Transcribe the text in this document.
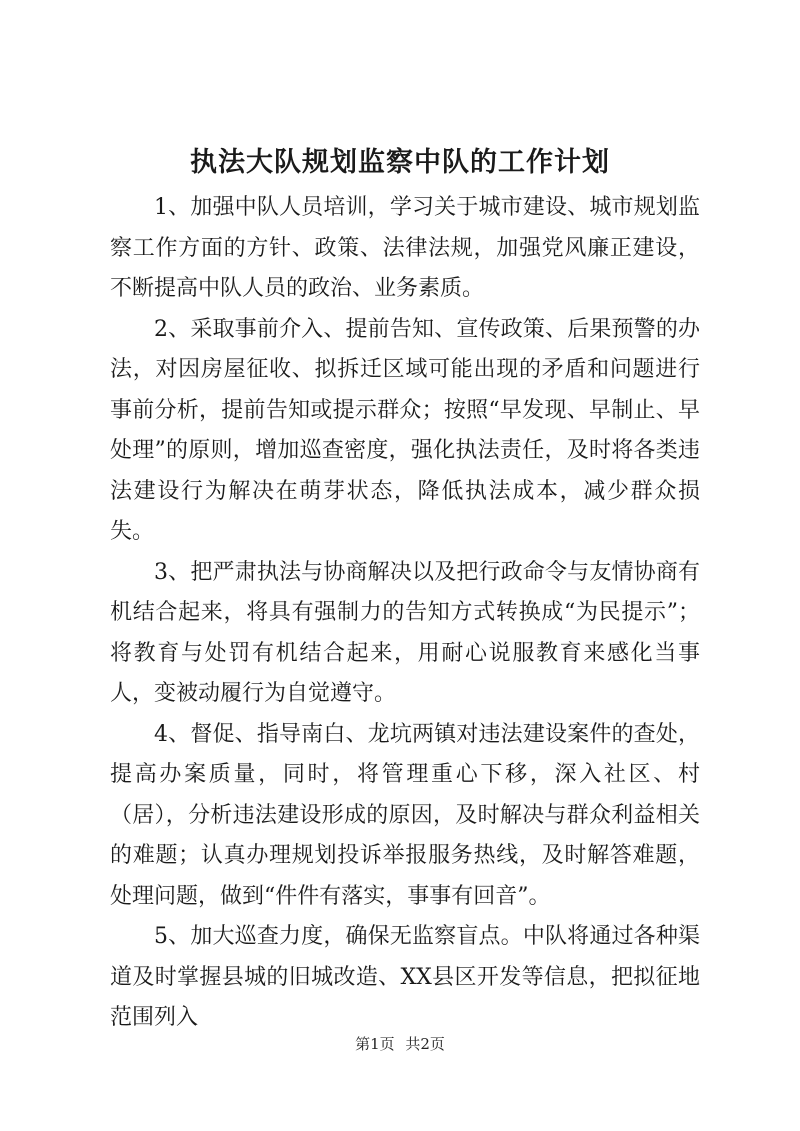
执法大队规划监察中队的工作计划

1、加强中队人员培训，学习关于城市建设、城市规划监察工作方面的方针、政策、法律法规，加强党风廉正建设，不断提高中队人员的政治、业务素质。

2、采取事前介入、提前告知、宣传政策、后果预警的办法，对因房屋征收、拟拆迁区域可能出现的矛盾和问题进行事前分析，提前告知或提示群众；按照“早发现、早制止、早处理”的原则，增加巡查密度，强化执法责任，及时将各类违法建设行为解决在萌芽状态，降低执法成本，减少群众损失。

3、把严肃执法与协商解决以及把行政命令与友情协商有机结合起来，将具有强制力的告知方式转换成“为民提示”；将教育与处罚有机结合起来，用耐心说服教育来感化当事人，变被动履行为自觉遵守。

4、督促、指导南白、龙坑两镇对违法建设案件的查处，提高办案质量，同时，将管理重心下移，深入社区、村（居），分析违法建设形成的原因，及时解决与群众利益相关的难题；认真办理规划投诉举报服务热线，及时解答难题，处理问题，做到“件件有落实，事事有回音”。

5、加大巡查力度，确保无监察盲点。中队将通过各种渠道及时掌握县城的旧城改造、XX县区开发等信息，把拟征地范围列入

第1页 共2页
